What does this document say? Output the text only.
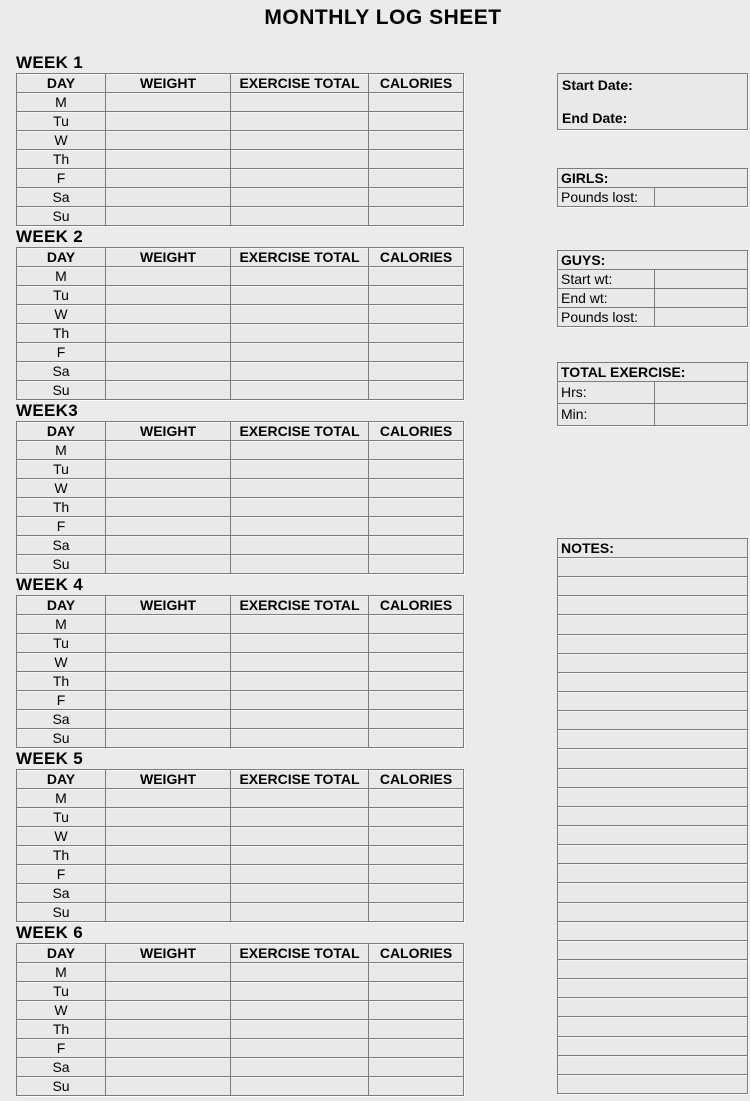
MONTHLY LOG SHEET
WEEK 1
DAY	WEIGHT	EXERCISE TOTAL	CALORIES
M
Tu
W
Th
F
Sa
Su
WEEK 2
DAY	WEIGHT	EXERCISE TOTAL	CALORIES
M
Tu
W
Th
F
Sa
Su
WEEK3
DAY	WEIGHT	EXERCISE TOTAL	CALORIES
M
Tu
W
Th
F
Sa
Su
WEEK 4
DAY	WEIGHT	EXERCISE TOTAL	CALORIES
M
Tu
W
Th
F
Sa
Su
WEEK 5
DAY	WEIGHT	EXERCISE TOTAL	CALORIES
M
Tu
W
Th
F
Sa
Su
WEEK 6
DAY	WEIGHT	EXERCISE TOTAL	CALORIES
M
Tu
W
Th
F
Sa
Su
Start Date:
End Date:
GIRLS:
Pounds lost:
GUYS:
Start wt:
End wt:
Pounds lost:
TOTAL EXERCISE:
Hrs:
Min:
NOTES:
